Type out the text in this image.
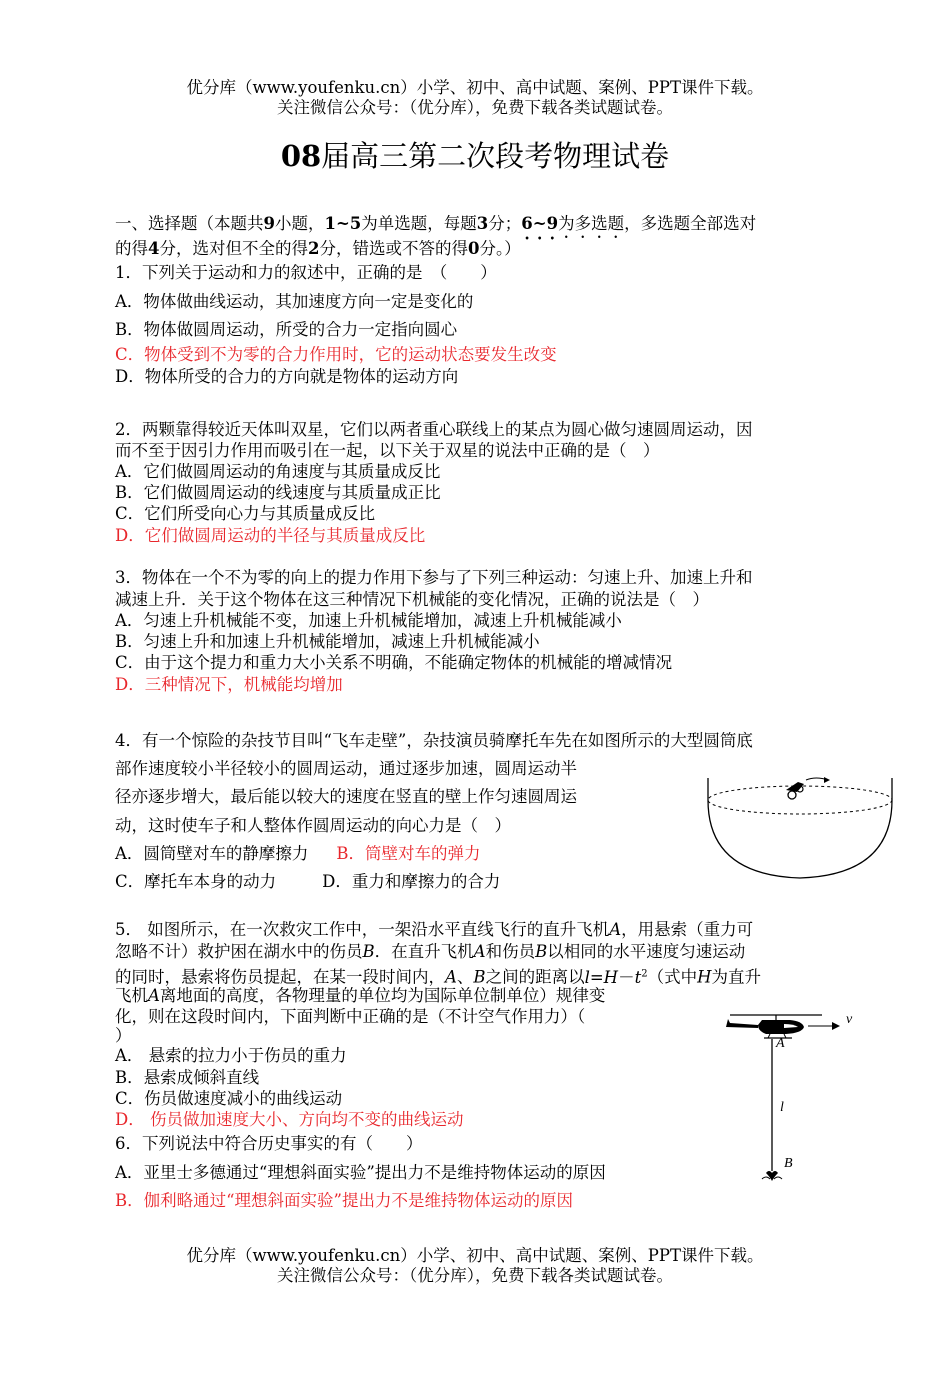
优分库（www.youfenku.cn）小学、初中、高中试题、案例、PPT课件下载。
关注微信公众号：（优分库），免费下载各类试题试卷。
08届高三第二次段考物理试卷
一、选择题（本题共9小题，1~5为单选题，每题3分；6~9为多选题，多选题全部选对
的得4分，选对但不全的得2分，错选或不答的得0分。）
1．下列关于运动和力的叙述中，正确的是　（　　）
A．物体做曲线运动，其加速度方向一定是变化的
B．物体做圆周运动，所受的合力一定指向圆心
C．物体受到不为零的合力作用时，它的运动状态要发生改变
D．物体所受的合力的方向就是物体的运动方向
2．两颗靠得较近天体叫双星，它们以两者重心联线上的某点为圆心做匀速圆周运动，因
而不至于因引力作用而吸引在一起，以下关于双星的说法中正确的是（　）
A．它们做圆周运动的角速度与其质量成反比
B．它们做圆周运动的线速度与其质量成正比
C．它们所受向心力与其质量成反比
D．它们做圆周运动的半径与其质量成反比
3．物体在一个不为零的向上的提力作用下参与了下列三种运动：匀速上升、加速上升和
减速上升．关于这个物体在这三种情况下机械能的变化情况，正确的说法是（　）
A．匀速上升机械能不变，加速上升机械能增加，减速上升机械能减小
B．匀速上升和加速上升机械能增加，减速上升机械能减小
C．由于这个提力和重力大小关系不明确，不能确定物体的机械能的增减情况
D．三种情况下，机械能均增加
4．有一个惊险的杂技节目叫“飞车走壁”，杂技演员骑摩托车先在如图所示的大型圆筒底
部作速度较小半径较小的圆周运动，通过逐步加速，圆周运动半
径亦逐步增大，最后能以较大的速度在竖直的壁上作匀速圆周运
动，这时使车子和人整体作圆周运动的向心力是（　）
A．圆筒壁对车的静摩擦力 B．筒壁对车的弹力
C．摩托车本身的动力	D．重力和摩擦力的合力
5． 如图所示，在一次救灾工作中，一架沿水平直线飞行的直升飞机A，用悬索（重力可
忽略不计）救护困在湖水中的伤员B．在直升飞机A和伤员B以相同的水平速度匀速运动
的同时，悬索将伤员提起，在某一段时间内，A、B之间的距离以$l=H-t^2$（式中H为直升
飞机A离地面的高度，各物理量的单位均为国际单位制单位）规律变
化，则在这段时间内，下面判断中正确的是（不计空气作用力）（
）
A． 悬索的拉力小于伤员的重力
B．悬索成倾斜直线
C．伤员做速度减小的曲线运动
D． 伤员做加速度大小、方向均不变的曲线运动
6．下列说法中符合历史事实的有（　　）
A．亚里士多德通过“理想斜面实验”提出力不是维持物体运动的原因
B．伽利略通过“理想斜面实验”提出力不是维持物体运动的原因
v
A
l
B
优分库（www.youfenku.cn）小学、初中、高中试题、案例、PPT课件下载。
关注微信公众号：（优分库），免费下载各类试题试卷。
